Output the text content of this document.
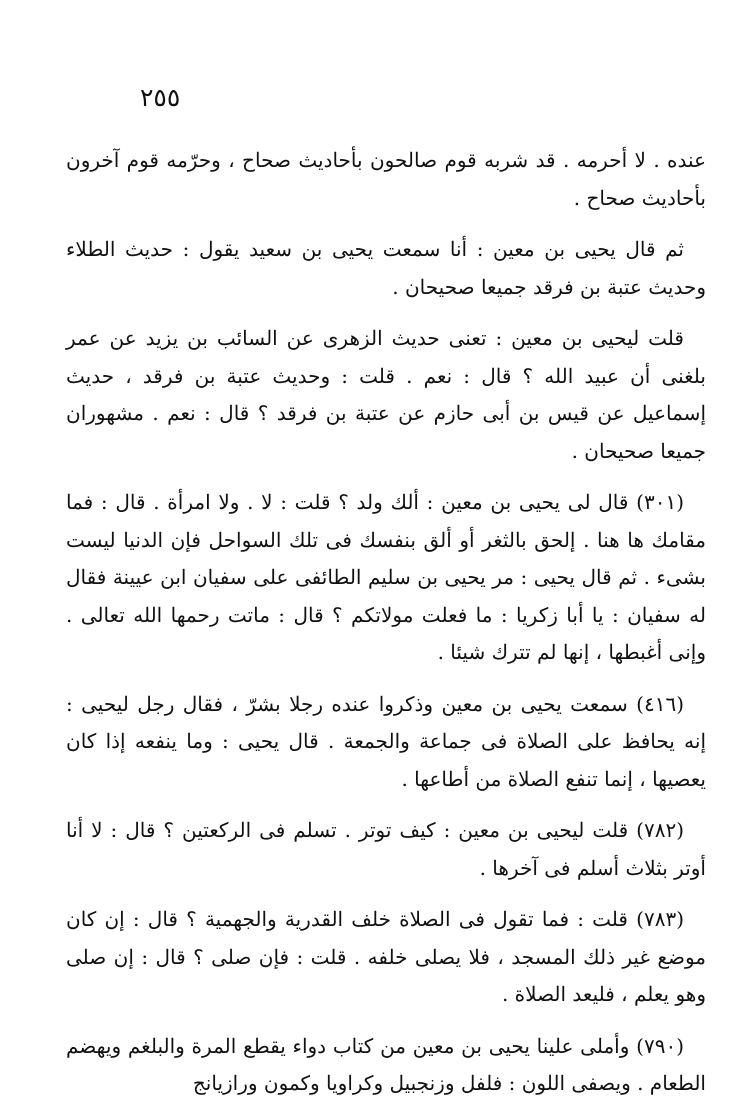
٢٥٥

عنده . لا أحرمه . قد شربه قوم صالحون بأحاديث صحاح ، وحرّمه قوم آخرون بأحاديث صحاح .

ثم قال يحيى بن معين : أنا سمعت يحيى بن سعيد يقول : حديث الطلاء وحديث عتبة بن فرقد جميعا صحيحان .

قلت ليحيى بن معين : تعنى حديث الزهرى عن السائب بن يزيد عن عمر بلغنى أن عبيد الله ؟ قال : نعم . قلت : وحديث عتبة بن فرقد ، حديث إسماعيل عن قيس بن أبى حازم عن عتبة بن فرقد ؟ قال : نعم . مشهوران جميعا صحيحان .

(٣٠١) قال لى يحيى بن معين : ألك ولد ؟ قلت : لا . ولا امرأة . قال : فما مقامك ها هنا . إلحق بالثغر أو ألق بنفسك فى تلك السواحل فإن الدنيا ليست بشىء . ثم قال يحيى : مر يحيى بن سليم الطائفى على سفيان ابن عيينة فقال له سفيان : يا أبا زكريا : ما فعلت مولاتكم ؟ قال : ماتت رحمها الله تعالى . وإنى أغبطها ، إنها لم تترك شيئا .

(٤١٦) سمعت يحيى بن معين وذكروا عنده رجلا بشرّ ، فقال رجل ليحيى : إنه يحافظ على الصلاة فى جماعة والجمعة . قال يحيى : وما ينفعه إذا كان يعصيها ، إنما تنفع الصلاة من أطاعها .

(٧٨٢) قلت ليحيى بن معين : كيف توتر . تسلم فى الركعتين ؟ قال : لا أنا أوتر بثلاث أسلم فى آخرها .

(٧٨٣) قلت : فما تقول فى الصلاة خلف القدرية والجهمية ؟ قال : إن كان موضع غير ذلك المسجد ، فلا يصلى خلفه . قلت : فإن صلى ؟ قال : إن صلى وهو يعلم ، فليعد الصلاة .

(٧٩٠) وأملى علينا يحيى بن معين من كتاب دواء يقطع المرة والبلغم ويهضم الطعام . ويصفى اللون : فلفل وزنجبيل وكراويا وكمون ورازيانج
